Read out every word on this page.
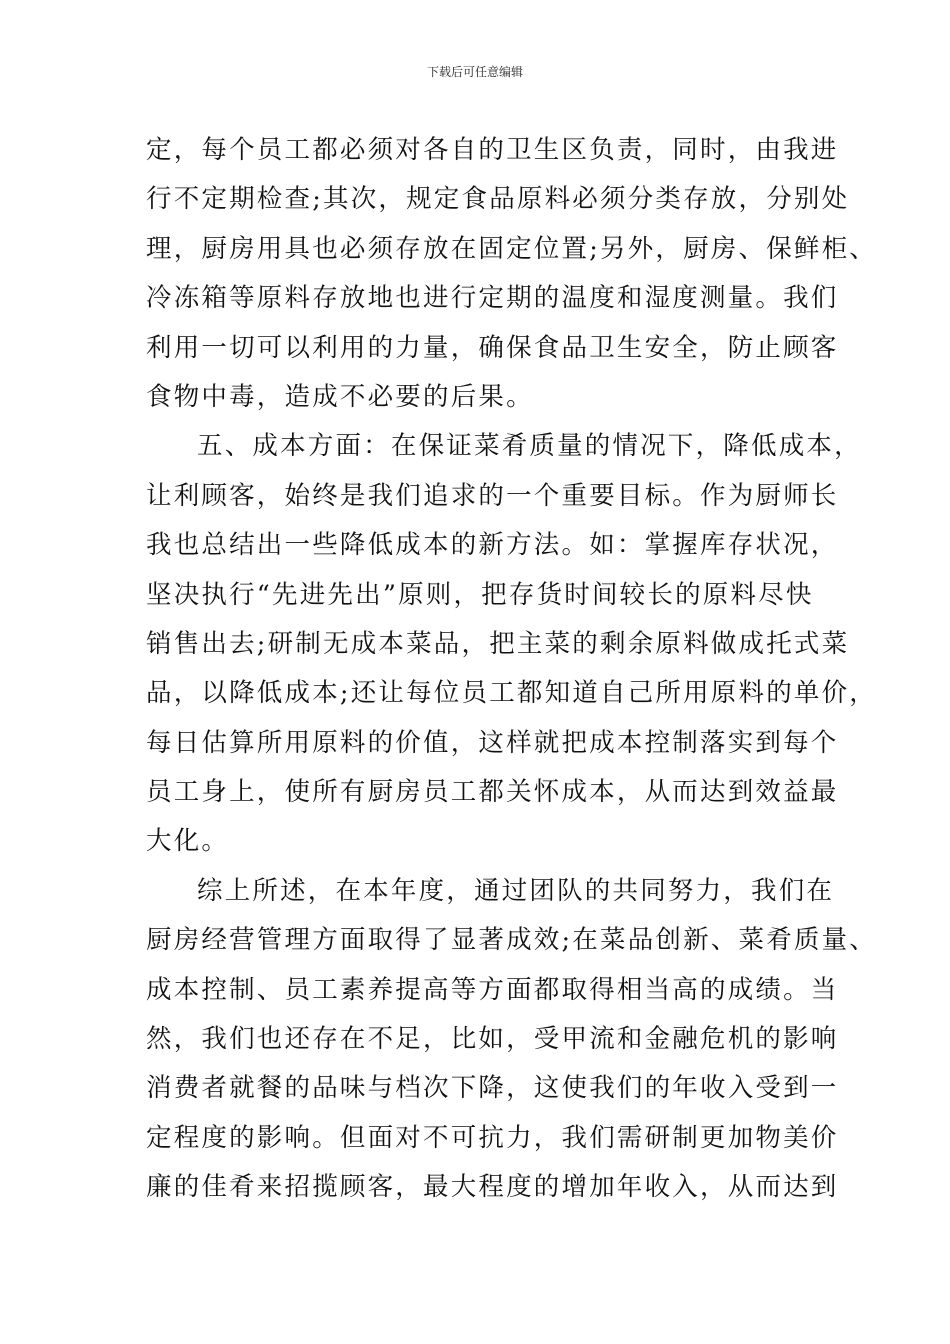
下载后可任意编辑
定，每个员工都必须对各自的卫生区负责，同时，由我进
行不定期检查;其次，规定食品原料必须分类存放，分别处
理，厨房用具也必须存放在固定位置;另外，厨房、保鲜柜、
冷冻箱等原料存放地也进行定期的温度和湿度测量。我们
利用一切可以利用的力量，确保食品卫生安全，防止顾客
食物中毒，造成不必要的后果。
五、成本方面：在保证菜肴质量的情况下，降低成本，
让利顾客，始终是我们追求的一个重要目标。作为厨师长
我也总结出一些降低成本的新方法。如：掌握库存状况，
坚决执行“先进先出”原则，把存货时间较长的原料尽快
销售出去;研制无成本菜品，把主菜的剩余原料做成托式菜
品，以降低成本;还让每位员工都知道自己所用原料的单价，
每日估算所用原料的价值，这样就把成本控制落实到每个
员工身上，使所有厨房员工都关怀成本，从而达到效益最
大化。
综上所述，在本年度，通过团队的共同努力，我们在
厨房经营管理方面取得了显著成效;在菜品创新、菜肴质量、
成本控制、员工素养提高等方面都取得相当高的成绩。当
然，我们也还存在不足，比如，受甲流和金融危机的影响
消费者就餐的品味与档次下降，这使我们的年收入受到一
定程度的影响。但面对不可抗力，我们需研制更加物美价
廉的佳肴来招揽顾客，最大程度的增加年收入，从而达到
